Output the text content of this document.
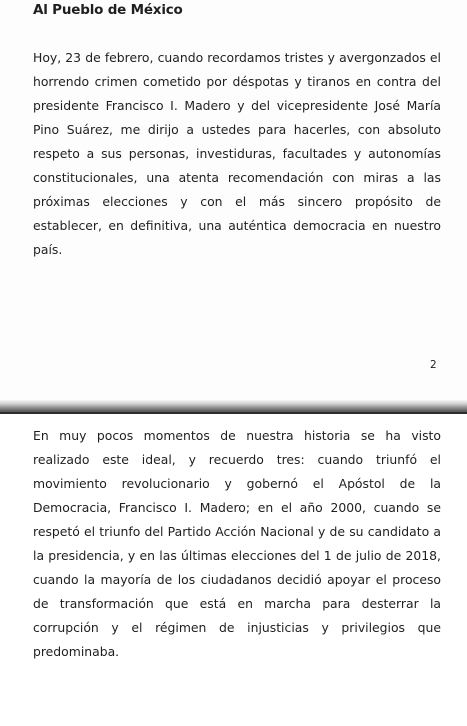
Al Pueblo de México
Hoy, 23 de febrero, cuando recordamos tristes y avergonzados el horrendo crimen cometido por déspotas y tiranos en contra del presidente Francisco I. Madero y del vicepresidente José María Pino Suárez, me dirijo a ustedes para hacerles, con absoluto respeto a sus personas, investiduras, facultades y autonomías constitucionales, una atenta recomendación con miras a las próximas elecciones y con el más sincero propósito de establecer, en definitiva, una auténtica democracia en nuestro país.
2
En muy pocos momentos de nuestra historia se ha visto realizado este ideal, y recuerdo tres: cuando triunfó el movimiento revolucionario y gobernó el Apóstol de la Democracia, Francisco I. Madero; en el año 2000, cuando se respetó el triunfo del Partido Acción Nacional y de su candidato a la presidencia, y en las últimas elecciones del 1 de julio de 2018, cuando la mayoría de los ciudadanos decidió apoyar el proceso de transformación que está en marcha para desterrar la corrupción y el régimen de injusticias y privilegios que predominaba.
